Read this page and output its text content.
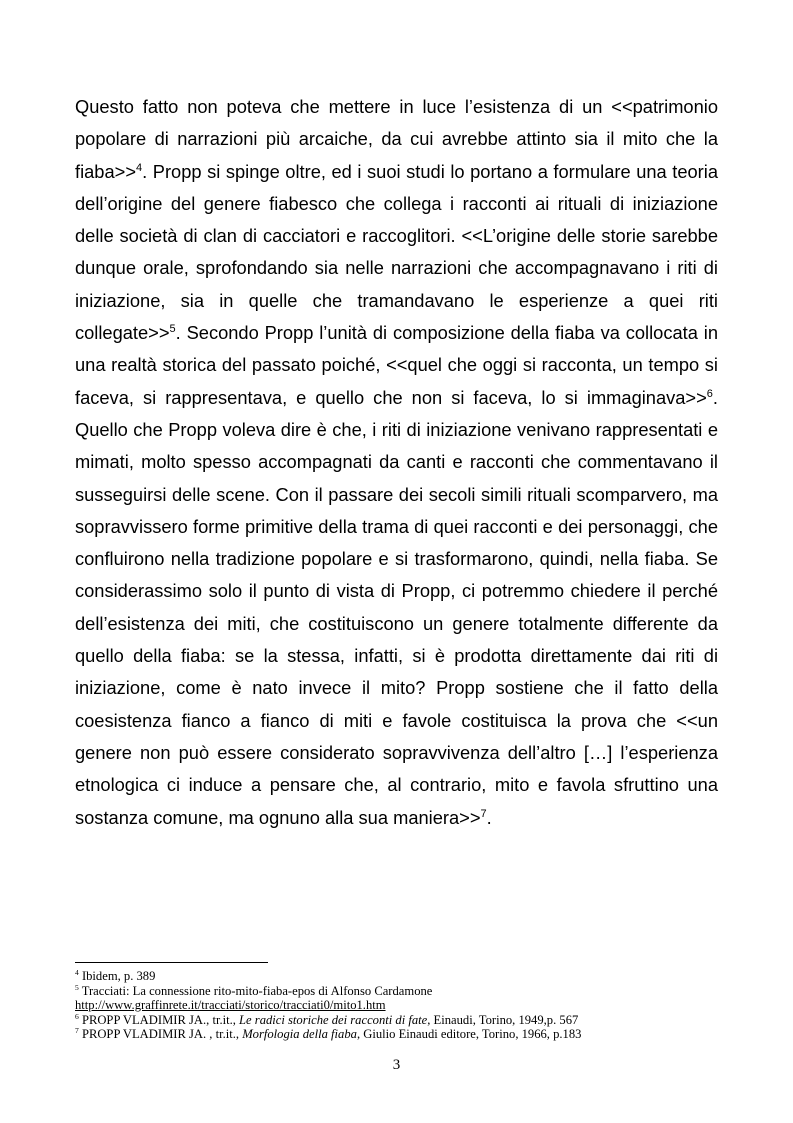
Questo fatto non poteva che mettere in luce l’esistenza di un <<patrimonio popolare di narrazioni più arcaiche, da cui avrebbe attinto sia il mito che la fiaba>>$^4$. Propp si spinge oltre, ed i suoi studi lo portano a formulare una teoria dell’origine del genere fiabesco che collega i racconti ai rituali di iniziazione delle società di clan di cacciatori e raccoglitori. <<L’origine delle storie sarebbe dunque orale, sprofondando sia nelle narrazioni che accompagnavano i riti di iniziazione, sia in quelle che tramandavano le esperienze a quei riti collegate>>$^5$. Secondo Propp l’unità di composizione della fiaba va collocata in una realtà storica del passato poiché, <<quel che oggi si racconta, un tempo si faceva, si rappresentava, e quello che non si faceva, lo si immaginava>>$^6$. Quello che Propp voleva dire è che, i riti di iniziazione venivano rappresentati e mimati, molto spesso accompagnati da canti e racconti che commentavano il susseguirsi delle scene. Con il passare dei secoli simili rituali scomparvero, ma sopravvissero forme primitive della trama di quei racconti e dei personaggi, che confluirono nella tradizione popolare e si trasformarono, quindi, nella fiaba. Se considerassimo solo il punto di vista di Propp, ci potremmo chiedere il perché dell’esistenza dei miti, che costituiscono un genere totalmente differente da quello della fiaba: se la stessa, infatti, si è prodotta direttamente dai riti di iniziazione, come è nato invece il mito? Propp sostiene che il fatto della coesistenza fianco a fianco di miti e favole costituisca la prova che <<un genere non può essere considerato sopravvivenza dell’altro […] l’esperienza etnologica ci induce a pensare che, al contrario, mito e favola sfruttino una sostanza comune, ma ognuno alla sua maniera>>$^7$.

$^4$ Ibidem, p. 389
$^5$ Tracciati: La connessione rito-mito-fiaba-epos di Alfonso Cardamone
http://www.graffinrete.it/tracciati/storico/tracciati0/mito1.htm
$^6$ PROPP VLADIMIR JA., tr.it., Le radici storiche dei racconti di fate, Einaudi, Torino, 1949,p. 567
$^7$ PROPP VLADIMIR JA. , tr.it., Morfologia della fiaba, Giulio Einaudi editore, Torino, 1966, p.183
3
